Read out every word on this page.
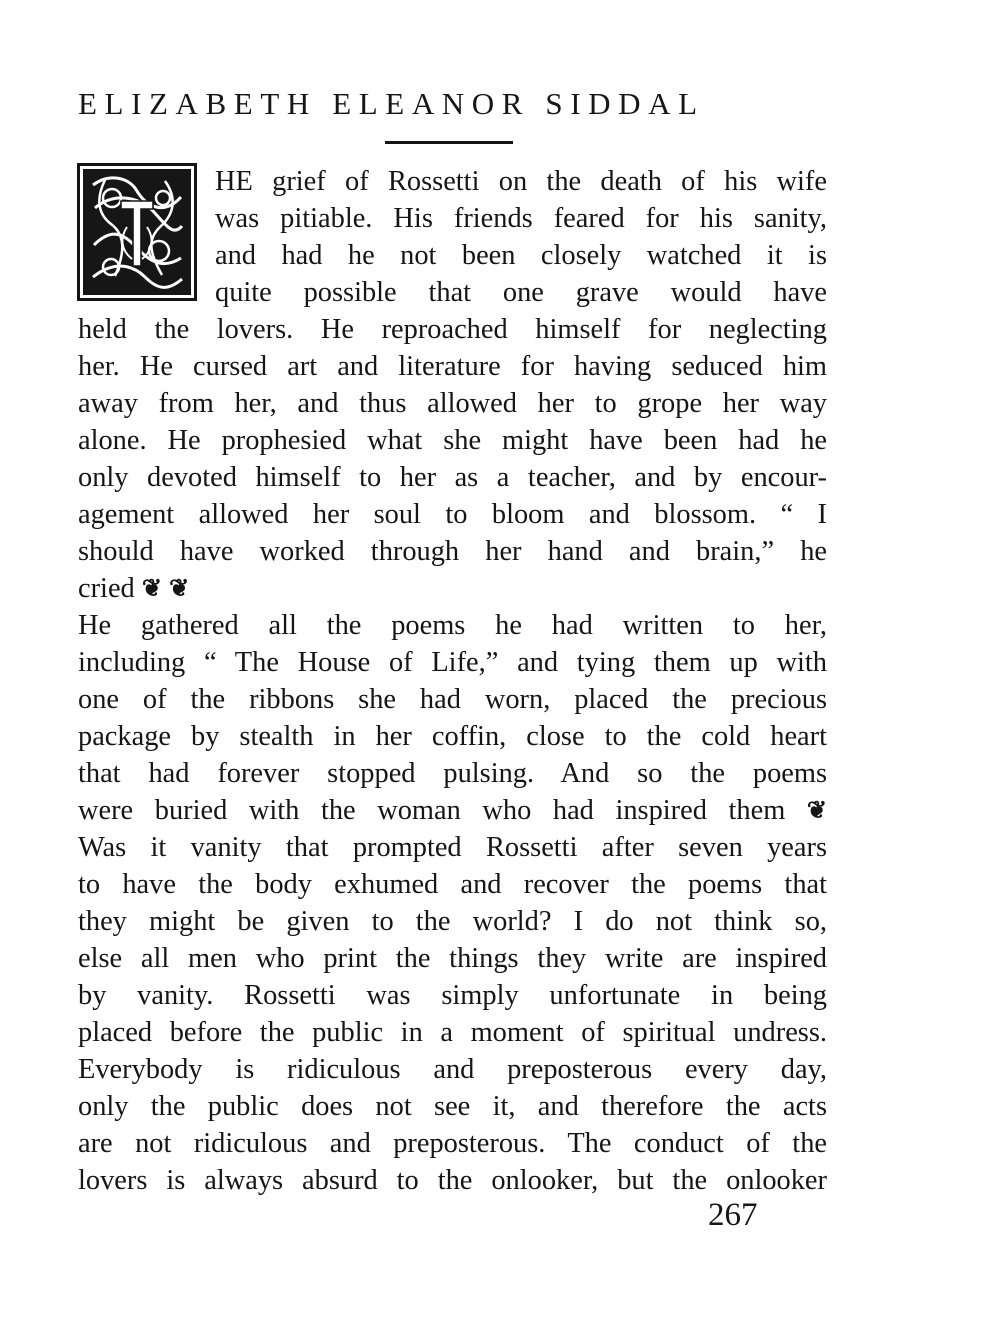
ELIZABETH ELEANOR SIDDAL
HE grief of Rossetti on the death of his wife
was pitiable. His friends feared for his sanity,
and had he not been closely watched it is
quite possible that one grave would have
held the lovers. He reproached himself for neglecting
her. He cursed art and literature for having seduced him
away from her, and thus allowed her to grope her way
alone. He prophesied what she might have been had he
only devoted himself to her as a teacher, and by encour-
agement allowed her soul to bloom and blossom. “ I
should have worked through her hand and brain,” he
cried ❦ ❦
He gathered all the poems he had written to her,
including “ The House of Life,” and tying them up with
one of the ribbons she had worn, placed the precious
package by stealth in her coffin, close to the cold heart
that had forever stopped pulsing. And so the poems
were buried with the woman who had inspired them ❦
Was it vanity that prompted Rossetti after seven years
to have the body exhumed and recover the poems that
they might be given to the world? I do not think so,
else all men who print the things they write are inspired
by vanity. Rossetti was simply unfortunate in being
placed before the public in a moment of spiritual undress.
Everybody is ridiculous and preposterous every day,
only the public does not see it, and therefore the acts
are not ridiculous and preposterous. The conduct of the
lovers is always absurd to the onlooker, but the onlooker
267
